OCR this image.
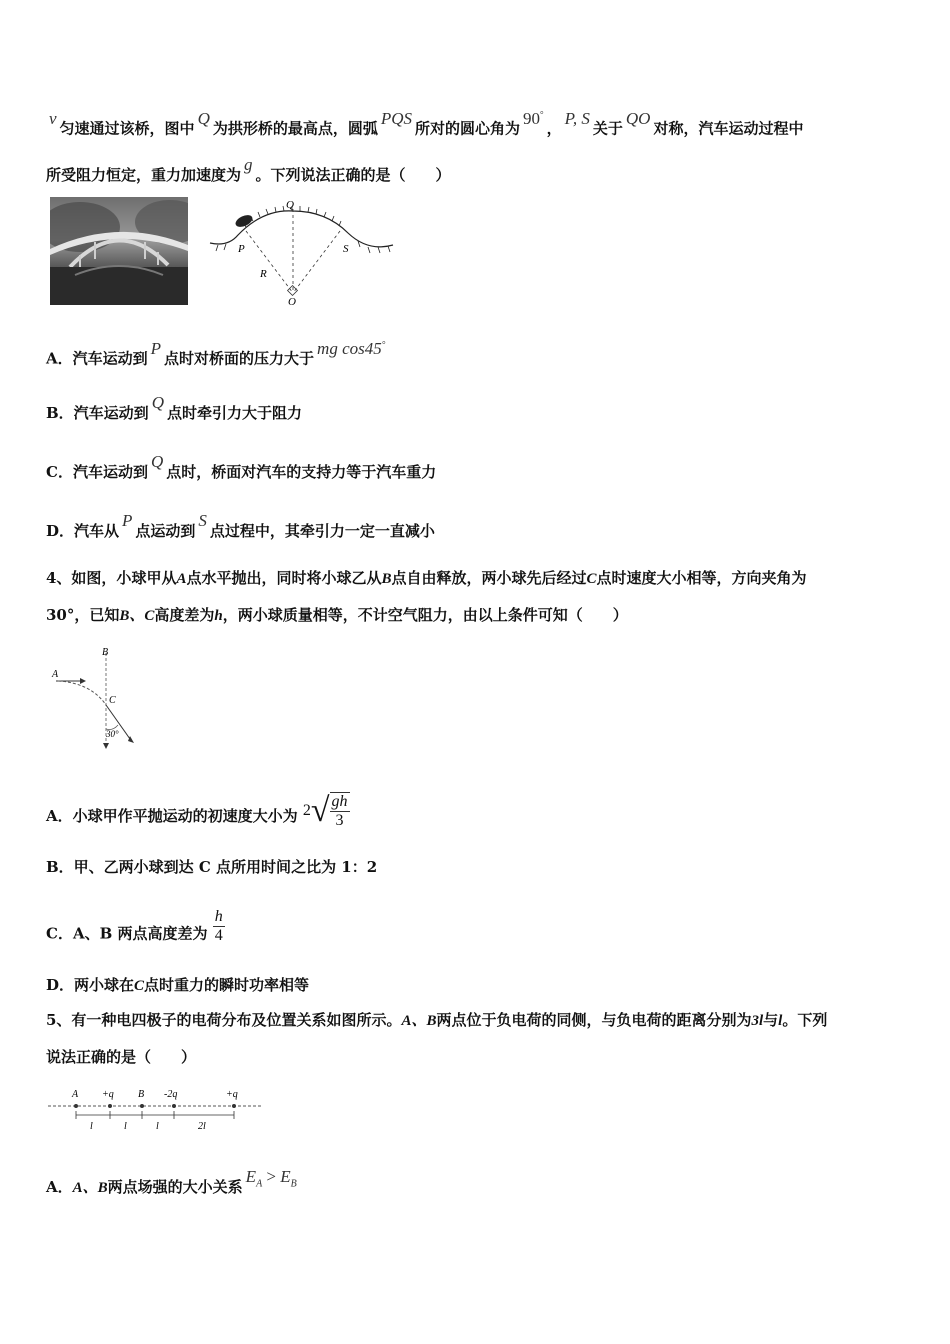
v匀速通过该桥，图中Q为拱形桥的最高点，圆弧PQS所对的圆心角为90°，P, S关于QO对称，汽车运动过程中
所受阻力恒定，重力加速度为g。下列说法正确的是（　　）
Q
P	S
R
O
A．汽车运动到P点时对桥面的压力大于mg cos45°
B．汽车运动到Q点时牵引力大于阻力
C．汽车运动到Q点时，桥面对汽车的支持力等于汽车重力
D．汽车从P点运动到S点过程中，其牵引力一定一直减小
4、如图，小球甲从A点水平抛出，同时将小球乙从B点自由释放，两小球先后经过C点时速度大小相等，方向夹角为
30°，已知B、C高度差为h，两小球质量相等，不计空气阻力，由以上条件可知（　　）
A
B
C
30°
A．小球甲作平抛运动的初速度大小为 $2√ \frac{gh}{3}$
B．甲、乙两小球到达 C 点所用时间之比为 1：2
C．A、B 两点高度差为 $\frac{h}{4}$
D．两小球在C点时重力的瞬时功率相等
5、有一种电四极子的电荷分布及位置关系如图所示。A、B两点位于负电荷的同侧，与负电荷的距离分别为3l与l。下列
说法正确的是（　　）
A +q B -2q	+q
l	l	l	2l
A．A、B两点场强的大小关系$E_A > E_B$
